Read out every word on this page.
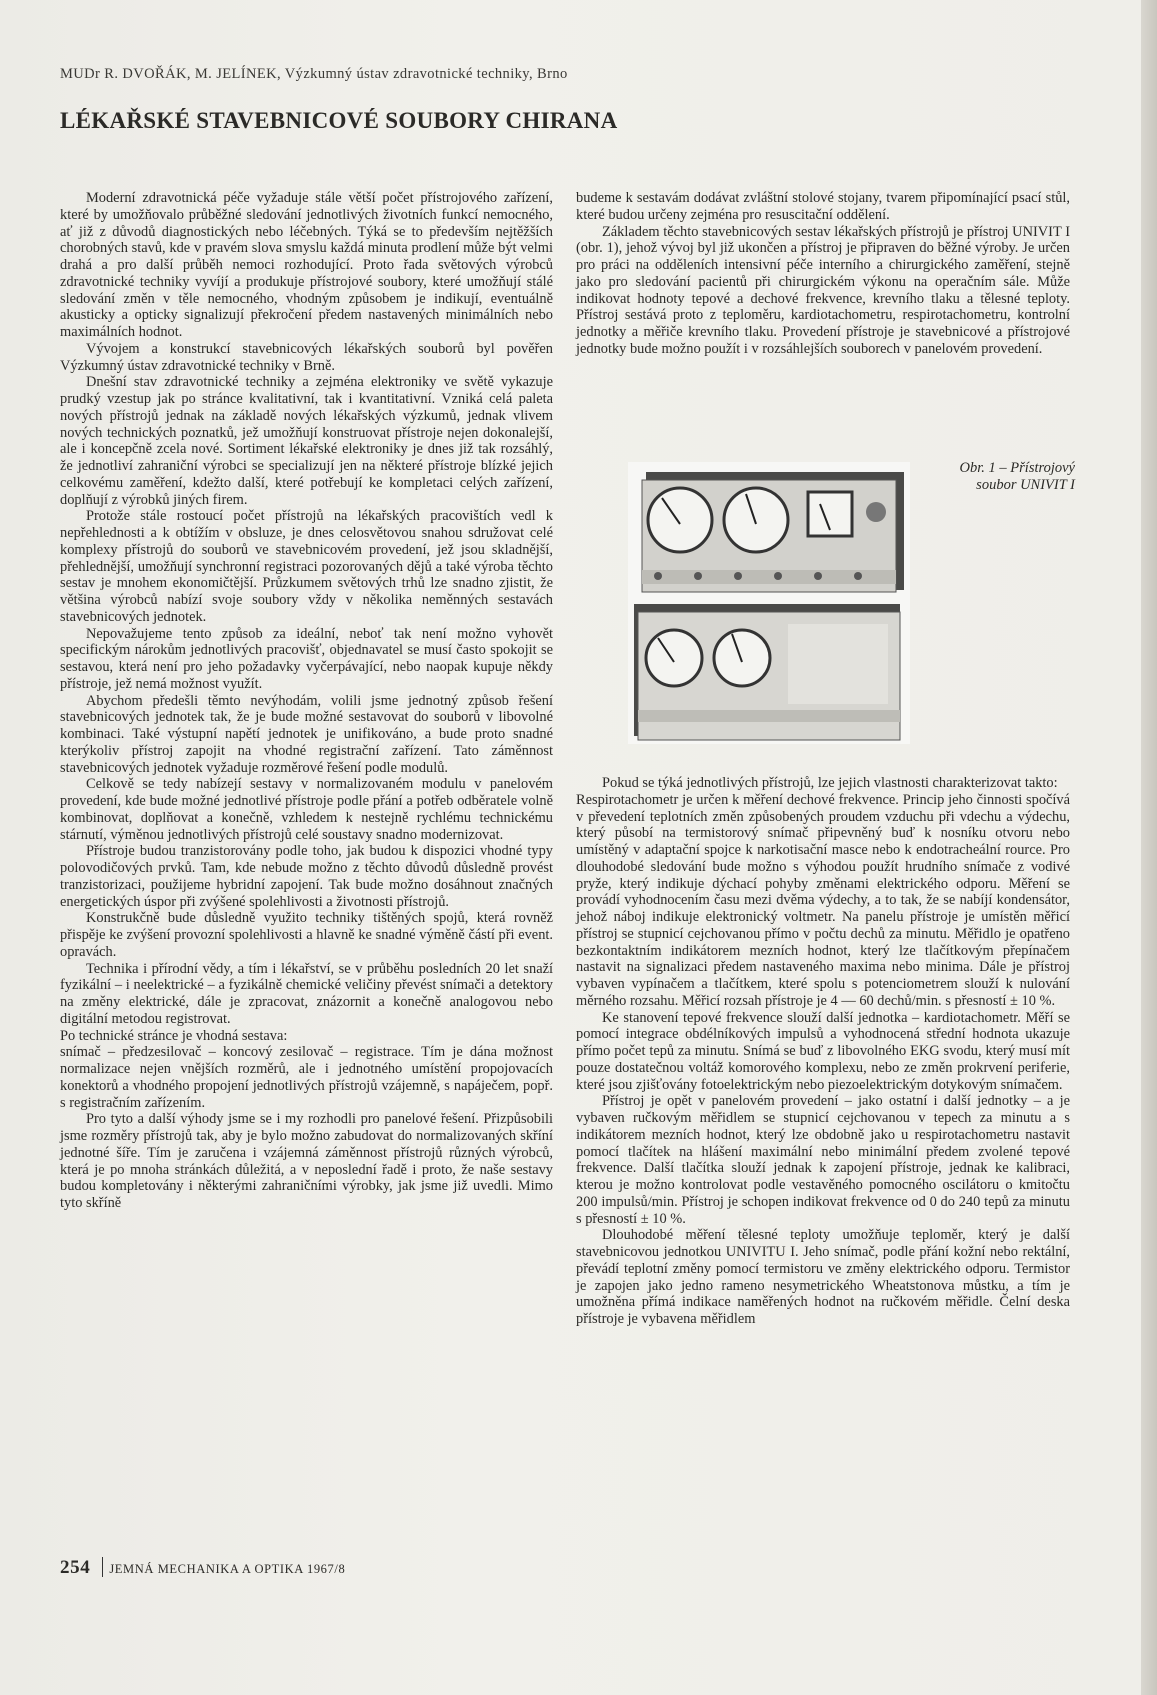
MUDr R. DVOŘÁK, M. JELÍNEK, Výzkumný ústav zdravotnické techniky, Brno
LÉKAŘSKÉ STAVEBNICOVÉ SOUBORY CHIRANA

Moderní zdravotnická péče vyžaduje stále větší počet přístrojového zařízení, které by umožňovalo průběžné sledování jednotlivých životních funkcí nemocného, ať již z důvodů diagnostických nebo léčebných. Týká se to především nejtěžších chorobných stavů, kde v pravém slova smyslu každá minuta prodlení může být velmi drahá a pro další průběh nemoci rozhodující. Proto řada světových výrobců zdravotnické techniky vyvíjí a produkuje přístrojové soubory, které umožňují stálé sledování změn v těle nemocného, vhodným způsobem je indikují, eventuálně akusticky a opticky signalizují překročení předem nastavených minimálních nebo maximálních hodnot.

Vývojem a konstrukcí stavebnicových lékařských souborů byl pověřen Výzkumný ústav zdravotnické techniky v Brně.

Dnešní stav zdravotnické techniky a zejména elektroniky ve světě vykazuje prudký vzestup jak po stránce kvalitativní, tak i kvantitativní. Vzniká celá paleta nových přístrojů jednak na základě nových lékařských výzkumů, jednak vlivem nových technických poznatků, jež umožňují konstruovat přístroje nejen dokonalejší, ale i koncepčně zcela nové. Sortiment lékařské elektroniky je dnes již tak rozsáhlý, že jednotliví zahraniční výrobci se specializují jen na některé přístroje blízké jejich celkovému zaměření, kdežto další, které potřebují ke kompletaci celých zařízení, doplňují z výrobků jiných firem.

Protože stále rostoucí počet přístrojů na lékařských pracovištích vedl k nepřehlednosti a k obtížím v obsluze, je dnes celosvětovou snahou sdružovat celé komplexy přístrojů do souborů ve stavebnicovém provedení, jež jsou skladnější, přehlednější, umožňují synchronní registraci pozorovaných dějů a také výroba těchto sestav je mnohem ekonomičtější. Průzkumem světových trhů lze snadno zjistit, že většina výrobců nabízí svoje soubory vždy v několika neměnných sestavách stavebnicových jednotek.

Nepovažujeme tento způsob za ideální, neboť tak není možno vyhovět specifickým nárokům jednotlivých pracovišť, objednavatel se musí často spokojit se sestavou, která není pro jeho požadavky vyčerpávající, nebo naopak kupuje někdy přístroje, jež nemá možnost využít.

Abychom předešli těmto nevýhodám, volili jsme jednotný způsob řešení stavebnicových jednotek tak, že je bude možné sestavovat do souborů v libovolné kombinaci. Také výstupní napětí jednotek je unifikováno, a bude proto snadné kterýkoliv přístroj zapojit na vhodné registrační zařízení. Tato záměnnost stavebnicových jednotek vyžaduje rozměrové řešení podle modulů.

Celkově se tedy nabízejí sestavy v normalizovaném modulu v panelovém provedení, kde bude možné jednotlivé přístroje podle přání a potřeb odběratele volně kombinovat, doplňovat a konečně, vzhledem k nestejně rychlému technickému stárnutí, výměnou jednotlivých přístrojů celé soustavy snadno modernizovat.

Přístroje budou tranzistorovány podle toho, jak budou k dispozici vhodné typy polovodičových prvků. Tam, kde nebude možno z těchto důvodů důsledně provést tranzistorizaci, použijeme hybridní zapojení. Tak bude možno dosáhnout značných energetických úspor při zvýšené spolehlivosti a životnosti přístrojů.

Konstrukčně bude důsledně využito techniky tištěných spojů, která rovněž přispěje ke zvýšení provozní spolehlivosti a hlavně ke snadné výměně částí při event. opravách.

Technika i přírodní vědy, a tím i lékařství, se v průběhu posledních 20 let snaží fyzikální – i neelektrické – a fyzikálně chemické veličiny převést snímači a detektory na změny elektrické, dále je zpracovat, znázornit a konečně analogovou nebo digitální metodou registrovat.

Po technické stránce je vhodná sestava:

snímač – předzesilovač – koncový zesilovač – registrace. Tím je dána možnost normalizace nejen vnějších rozměrů, ale i jednotného umístění propojovacích konektorů a vhodného propojení jednotlivých přístrojů vzájemně, s napáječem, popř. s registračním zařízením.

Pro tyto a další výhody jsme se i my rozhodli pro panelové řešení. Přizpůsobili jsme rozměry přístrojů tak, aby je bylo možno zabudovat do normalizovaných skříní jednotné šíře. Tím je zaručena i vzájemná záměnnost přístrojů různých výrobců, která je po mnoha stránkách důležitá, a v neposlední řadě i proto, že naše sestavy budou kompletovány i některými zahraničními výrobky, jak jsme již uvedli. Mimo tyto skříně

budeme k sestavám dodávat zvláštní stolové stojany, tvarem připomínající psací stůl, které budou určeny zejména pro resuscitační oddělení.

Základem těchto stavebnicových sestav lékařských přístrojů je přístroj UNIVIT I (obr. 1), jehož vývoj byl již ukončen a přístroj je připraven do běžné výroby. Je určen pro práci na odděleních intensivní péče interního a chirurgického zaměření, stejně jako pro sledování pacientů při chirurgickém výkonu na operačním sále. Může indikovat hodnoty tepové a dechové frekvence, krevního tlaku a tělesné teploty. Přístroj sestává proto z teploměru, kardiotachometru, respirotachometru, kontrolní jednotky a měřiče krevního tlaku. Provedení přístroje je stavebnicové a přístrojové jednotky bude možno použít i v rozsáhlejších souborech v panelovém provedení.

Obr. 1 – Přístrojový soubor UNIVIT I

Pokud se týká jednotlivých přístrojů, lze jejich vlastnosti charakterizovat takto:

Respirotachometr je určen k měření dechové frekvence. Princip jeho činnosti spočívá v převedení teplotních změn způsobených proudem vzduchu při vdechu a výdechu, který působí na termistorový snímač připevněný buď k nosníku otvoru nebo umístěný v adaptační spojce k narkotisační masce nebo k endotracheální rource. Pro dlouhodobé sledování bude možno s výhodou použít hrudního snímače z vodivé pryže, který indikuje dýchací pohyby změnami elektrického odporu. Měření se provádí vyhodnocením času mezi dvěma výdechy, a to tak, že se nabíjí kondensátor, jehož náboj indikuje elektronický voltmetr. Na panelu přístroje je umístěn měřicí přístroj se stupnicí cejchovanou přímo v počtu dechů za minutu. Měřidlo je opatřeno bezkontaktním indikátorem mezních hodnot, který lze tlačítkovým přepínačem nastavit na signalizaci předem nastaveného maxima nebo minima. Dále je přístroj vybaven vypínačem a tlačítkem, které spolu s potenciometrem slouží k nulování měrného rozsahu. Měřicí rozsah přístroje je 4 — 60 dechů/min. s přesností ± 10 %.

Ke stanovení tepové frekvence slouží další jednotka – kardiotachometr. Měří se pomocí integrace obdélníkových impulsů a vyhodnocená střední hodnota ukazuje přímo počet tepů za minutu. Snímá se buď z libovolného EKG svodu, který musí mít pouze dostatečnou voltáž komorového komplexu, nebo ze změn prokrvení periferie, které jsou zjišťovány fotoelektrickým nebo piezoelektrickým dotykovým snímačem.

Přístroj je opět v panelovém provedení – jako ostatní i další jednotky – a je vybaven ručkovým měřidlem se stupnicí cejchovanou v tepech za minutu a s indikátorem mezních hodnot, který lze obdobně jako u respirotachometru nastavit pomocí tlačítek na hlášení maximální nebo minimální předem zvolené tepové frekvence. Další tlačítka slouží jednak k zapojení přístroje, jednak ke kalibraci, kterou je možno kontrolovat podle vestavěného pomocného oscilátoru o kmitočtu 200 impulsů/min. Přístroj je schopen indikovat frekvence od 0 do 240 tepů za minutu s přesností ± 10 %.

Dlouhodobé měření tělesné teploty umožňuje teploměr, který je další stavebnicovou jednotkou UNIVITU I. Jeho snímač, podle přání kožní nebo rektální, převádí teplotní změny pomocí termistoru ve změny elektrického odporu. Termistor je zapojen jako jedno rameno nesymetrického Wheatstonova můstku, a tím je umožněna přímá indikace naměřených hodnot na ručkovém měřidle. Čelní deska přístroje je vybavena měřidlem

254 JEMNÁ MECHANIKA A OPTIKA 1967/8
